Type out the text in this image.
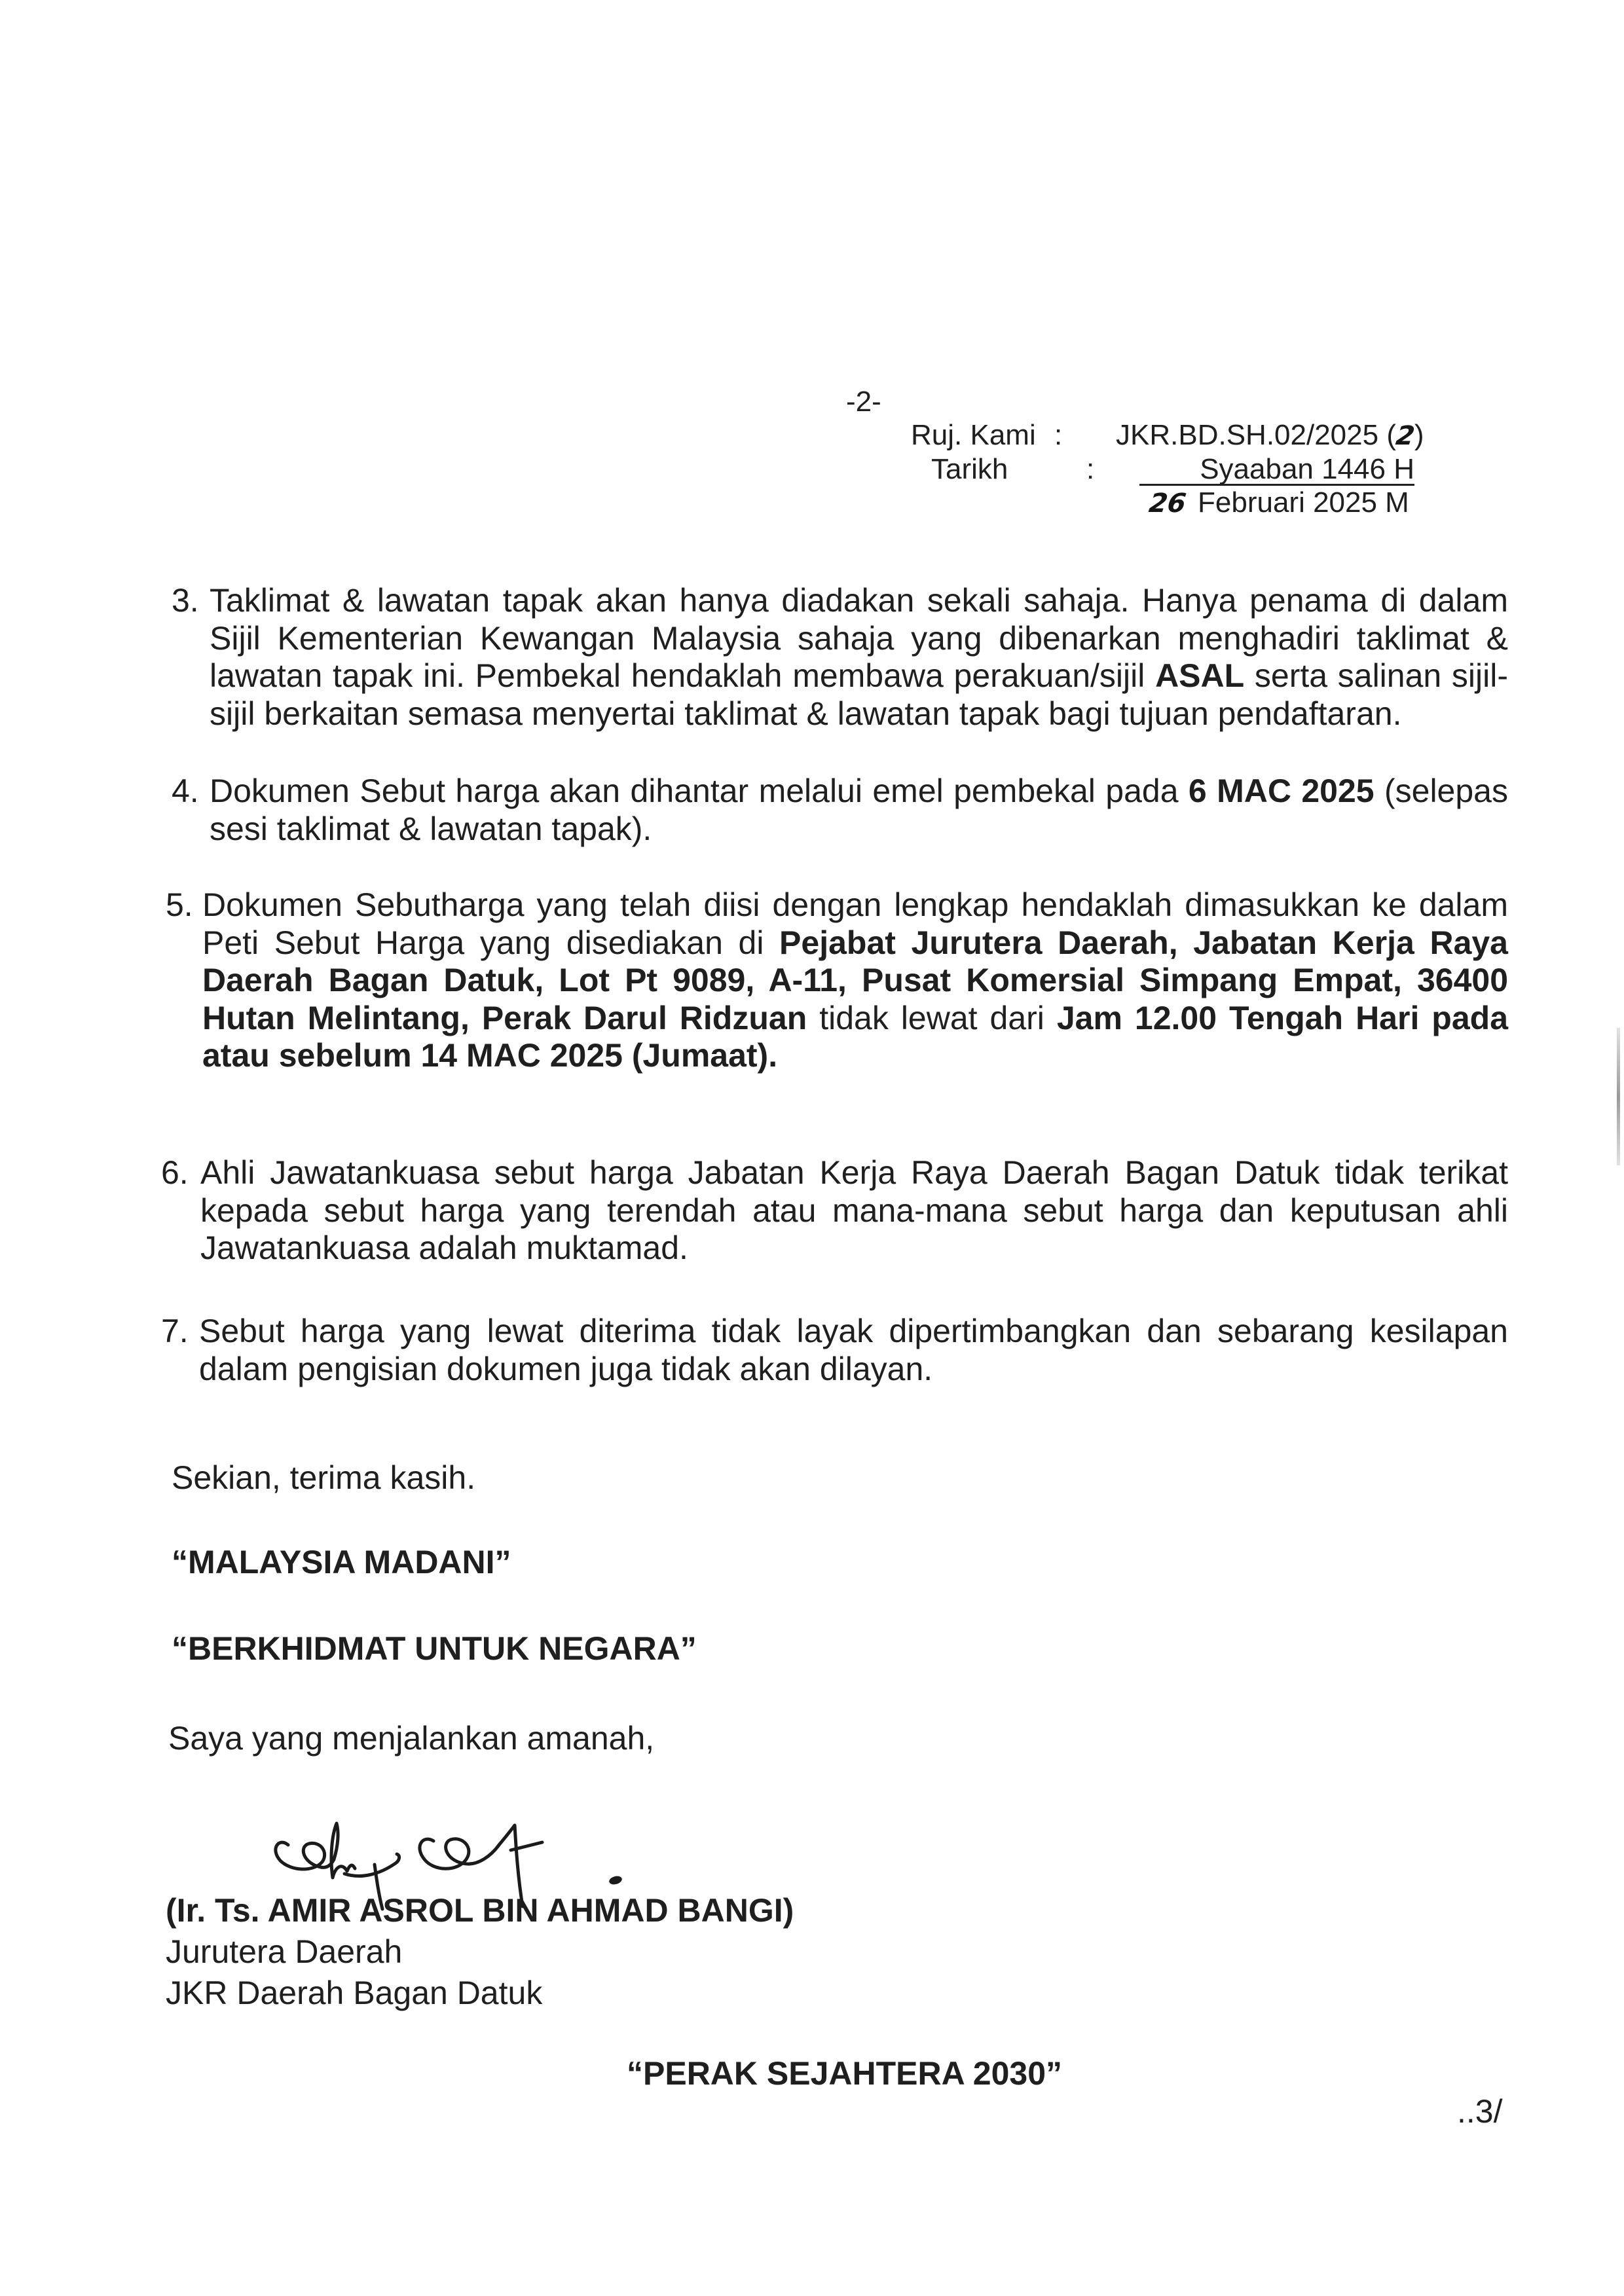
-2-
Ruj. Kami : JKR.BD.SH.02/2025 (2)
Tarikh	:	Syaaban 1446 H
26 Februari 2025 M
3. Taklimat & lawatan tapak akan hanya diadakan sekali sahaja. Hanya penama di dalam
Sijil Kementerian Kewangan Malaysia sahaja yang dibenarkan menghadiri taklimat &
lawatan tapak ini. Pembekal hendaklah membawa perakuan/sijil ASAL serta salinan sijil-
sijil berkaitan semasa menyertai taklimat & lawatan tapak bagi tujuan pendaftaran.
4. Dokumen Sebut harga akan dihantar melalui emel pembekal pada 6 MAC 2025 (selepas
sesi taklimat & lawatan tapak).
5. Dokumen Sebutharga yang telah diisi dengan lengkap hendaklah dimasukkan ke dalam
Peti Sebut Harga yang disediakan di Pejabat Jurutera Daerah, Jabatan Kerja Raya
Daerah Bagan Datuk, Lot Pt 9089, A-11, Pusat Komersial Simpang Empat, 36400
Hutan Melintang, Perak Darul Ridzuan tidak lewat dari Jam 12.00 Tengah Hari pada
atau sebelum 14 MAC 2025 (Jumaat).
6. Ahli Jawatankuasa sebut harga Jabatan Kerja Raya Daerah Bagan Datuk tidak terikat
kepada sebut harga yang terendah atau mana-mana sebut harga dan keputusan ahli
Jawatankuasa adalah muktamad.
7. Sebut harga yang lewat diterima tidak layak dipertimbangkan dan sebarang kesilapan
dalam pengisian dokumen juga tidak akan dilayan.
Sekian, terima kasih.
“MALAYSIA MADANI”
“BERKHIDMAT UNTUK NEGARA”
Saya yang menjalankan amanah,
(Ir. Ts. AMIR ASROL BIN AHMAD BANGI)
Jurutera Daerah
JKR Daerah Bagan Datuk
“PERAK SEJAHTERA 2030”
..3/
